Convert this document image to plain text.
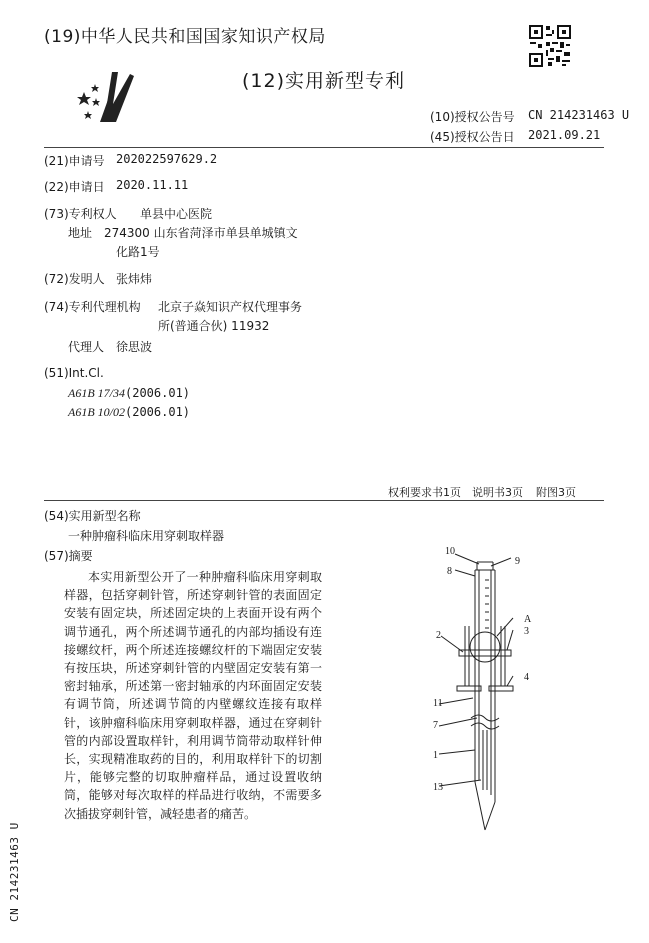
(19)中华人民共和国国家知识产权局
(12)实用新型专利
(10)授权公告号 CN 214231463 U
(45)授权公告日 2021.09.21
(21)申请号 202022597629.2
(22)申请日 2020.11.11
(73)专利权人 单县中心医院
地址 274300 山东省菏泽市单县单城镇文
化路1号
(72)发明人 张炜炜
(74)专利代理机构 北京子焱知识产权代理事务
所(普通合伙) 11932
代理人 徐思波
(51)Int.Cl.
A61B 17/34(2006.01)
A61B 10/02(2006.01)
权利要求书1页 说明书3页 附图3页
(54)实用新型名称
一种肿瘤科临床用穿刺取样器
(57)摘要
本实用新型公开了一种肿瘤科临床用穿刺取样器，包括穿刺针管，所述穿刺针管的表面固定安装有固定块，所述固定块的上表面开设有两个调节通孔，两个所述调节通孔的内部均插设有连接螺纹杆，两个所述连接螺纹杆的下端固定安装有按压块，所述穿刺针管的内壁固定安装有第一密封轴承，所述第一密封轴承的内环面固定安装有调节筒，所述调节筒的内壁螺纹连接有取样针，该肿瘤科临床用穿刺取样器，通过在穿刺针管的内部设置取样针，利用调节筒带动取样针伸长，实现精准取药的目的，利用取样针下的切割片，能够完整的切取肿瘤样品，通过设置收纳筒，能够对每次取样的样品进行收纳，不需要多次插拔穿刺针管，减轻患者的痛苦。
10
9
8
A
2	3
4
11
7
1
13
CN 214231463 U
